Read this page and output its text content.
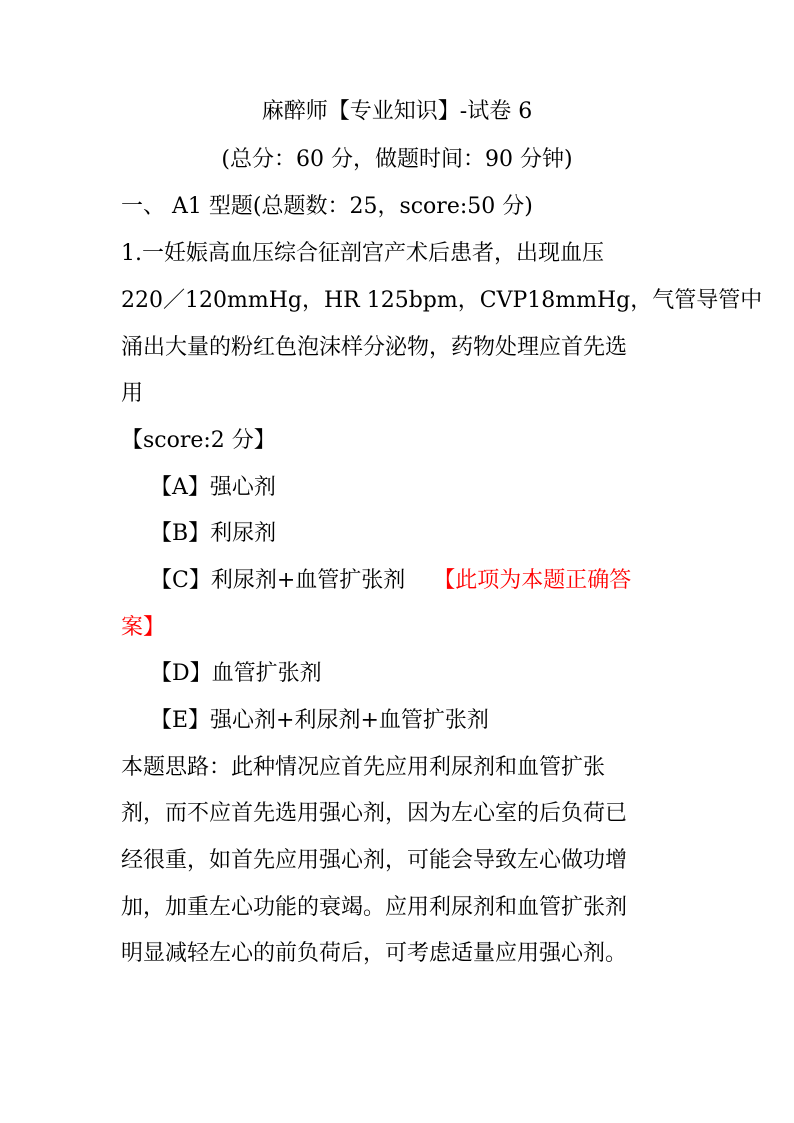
麻醉师【专业知识】-试卷 6
(总分：60 分，做题时间：90 分钟)
一、 A1 型题(总题数：25，score:50 分)
1.一妊娠高血压综合征剖宫产术后患者，出现血压
220／120mmHg，HR 125bpm，CVP18mmHg，气管导管中
涌出大量的粉红色泡沫样分泌物，药物处理应首先选
用
【score:2 分】
【A】强心剂
【B】利尿剂
【C】利尿剂+血管扩张剂 【此项为本题正确答
案】
【D】血管扩张剂
【E】强心剂+利尿剂+血管扩张剂
本题思路：此种情况应首先应用利尿剂和血管扩张
剂，而不应首先选用强心剂，因为左心室的后负荷已
经很重，如首先应用强心剂，可能会导致左心做功增
加，加重左心功能的衰竭。应用利尿剂和血管扩张剂
明显减轻左心的前负荷后，可考虑适量应用强心剂。
